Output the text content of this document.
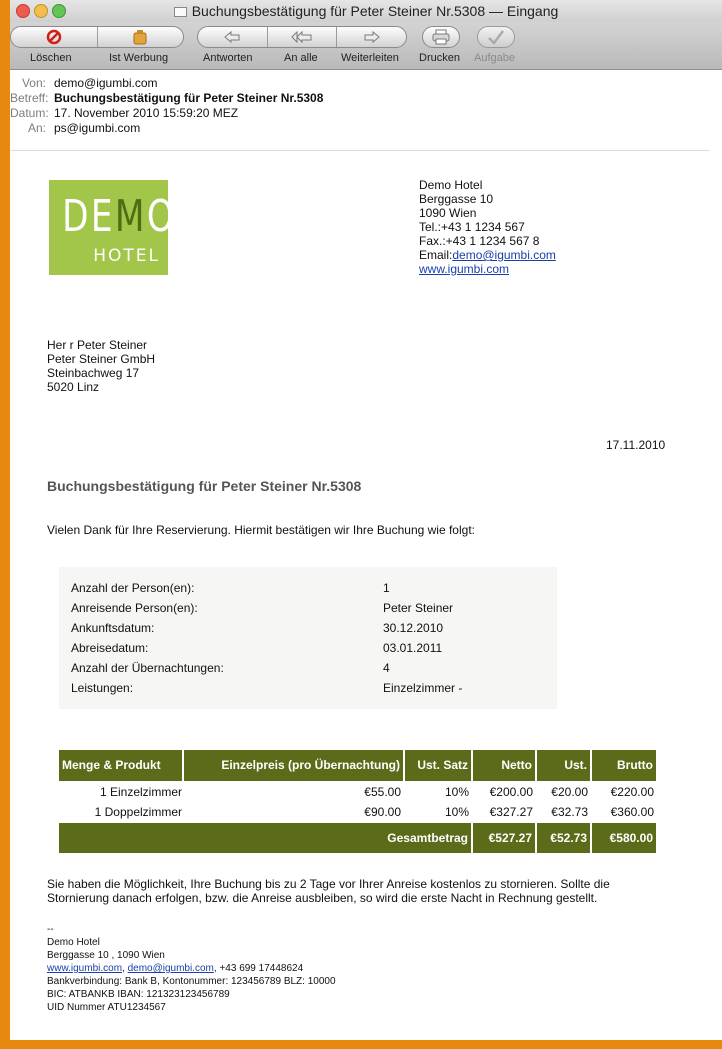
Buchungsbestätigung für Peter Steiner Nr.5308 — Eingang
Löschen	Ist Werbung	Antworten	An alle Weiterleiten Drucken Aufgabe
Von: demo@igumbi.com
Betreff: Buchungsbestätigung für Peter Steiner Nr.5308
Datum: 17. November 2010 15:59:20 MEZ
An: ps@igumbi.com
DEMO
HOTEL
Demo Hotel
Berggasse 10
1090 Wien
Tel.:+43 1 1234 567
Fax.:+43 1 1234 567 8
Email:demo@igumbi.com
www.igumbi.com
Her r Peter Steiner
Peter Steiner GmbH
Steinbachweg 17
5020 Linz
17.11.2010
Buchungsbestätigung für Peter Steiner Nr.5308
Vielen Dank für Ihre Reservierung. Hiermit bestätigen wir Ihre Buchung wie folgt:
Anzahl der Person(en):	1
Anreisende Person(en):	Peter Steiner
Ankunftsdatum:	30.12.2010
Abreisedatum:	03.01.2011
Anzahl der Übernachtungen:	4
Leistungen:	Einzelzimmer -
Menge & Produkt	Einzelpreis (pro Übernachtung)	Ust. Satz	Netto	Ust.	Brutto
1 Einzelzimmer	€55.00	10%	€200.00	€20.00	€220.00
1 Doppelzimmer	€90.00	10%	€327.27	€32.73	€360.00
Gesamtbetrag	€527.27	€52.73	€580.00
Sie haben die Möglichkeit, Ihre Buchung bis zu 2 Tage vor Ihrer Anreise kostenlos zu stornieren. Sollte die
Stornierung danach erfolgen, bzw. die Anreise ausbleiben, so wird die erste Nacht in Rechnung gestellt.
--
Demo Hotel
Berggasse 10 , 1090 Wien
www.igumbi.com, demo@igumbi.com, +43 699 17448624
Bankverbindung: Bank B, Kontonummer: 123456789 BLZ: 10000
BIC: ATBANKB IBAN: 121323123456789
UID Nummer ATU1234567
